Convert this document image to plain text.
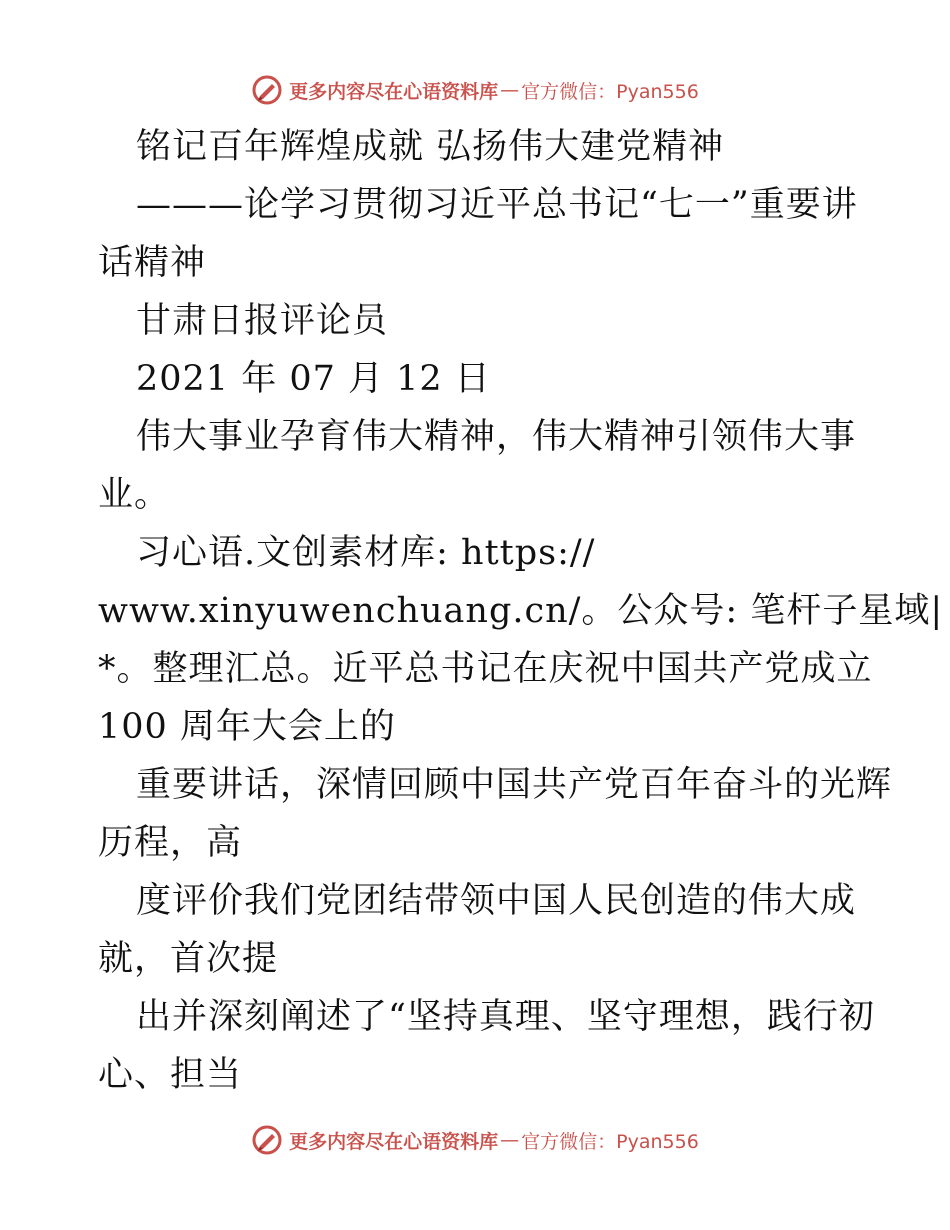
更多内容尽在心语资料库 — 官方微信：Pyan556
铭记百年辉煌成就 弘扬伟大建党精神
———论学习贯彻习近平总书记“七一”重要讲
话精神
甘肃日报评论员
2021 年 07 月 12 日
伟大事业孕育伟大精神，伟大精神引领伟大事
业。
习心语.文创素材库: https://
www.xinyuwenchuang.cn/。公众号: 笔杆子星域|
*。整理汇总。近平总书记在庆祝中国共产党成立
100 周年大会上的
重要讲话，深情回顾中国共产党百年奋斗的光辉
历程，高
度评价我们党团结带领中国人民创造的伟大成
就，首次提
出并深刻阐述了“坚持真理、坚守理想，践行初
心、担当
更多内容尽在心语资料库 — 官方微信：Pyan556
